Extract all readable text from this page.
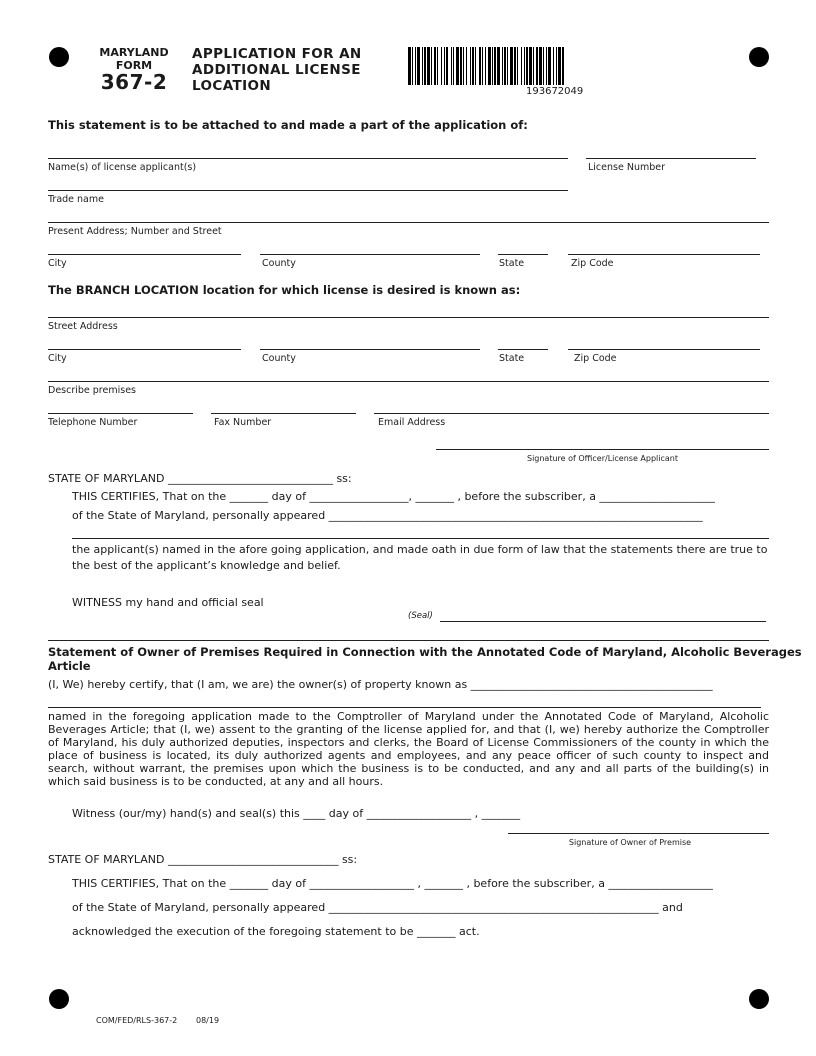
MARYLAND
FORM
367-2
APPLICATION FOR AN
ADDITIONAL LICENSE
LOCATION	193672049
This statement is to be attached to and made a part of the application of:
Name(s) of license applicant(s)	License Number
Trade name
Present Address; Number and Street
City	County	State	Zip Code
The BRANCH LOCATION location for which license is desired is known as:
Street Address
City	County	State	Zip Code
Describe premises
Telephone Number	Fax Number	Email Address
Signature of Officer/License Applicant
STATE OF MARYLAND ______________________________ ss:
THIS CERTIFIES, That on the _______ day of __________________, _______ , before the subscriber, a _____________________
of the State of Maryland, personally appeared ____________________________________________________________________
the applicant(s) named in the afore going application, and made oath in due form of law that the statements there are true to the best of the applicant’s knowledge and belief.
WITNESS my hand and official seal
(Seal)
Statement of Owner of Premises Required in Connection with the Annotated Code of Maryland, Alcoholic Beverages Article
(I, We) hereby certify, that (I am, we are) the owner(s) of property known as ____________________________________________
named in the foregoing application made to the Comptroller of Maryland under the Annotated Code of Maryland, Alcoholic Beverages Article; that (I, we) assent to the granting of the license applied for, and that (I, we) hereby authorize the Comptroller of Maryland, his duly authorized deputies, inspectors and clerks, the Board of License Commissioners of the county in which the place of business is located, its duly authorized agents and employees, and any peace officer of such county to inspect and search, without warrant, the premises upon which the business is to be conducted, and any and all parts of the building(s) in which said business is to be conducted, at any and all hours.
Witness (our/my) hand(s) and seal(s) this ____ day of ___________________ , _______
Signature of Owner of Premise
STATE OF MARYLAND _______________________________ ss:
THIS CERTIFIES, That on the _______ day of ___________________ , _______ , before the subscriber, a ___________________
of the State of Maryland, personally appeared ____________________________________________________________ and
acknowledged the execution of the foregoing statement to be _______ act.
COM/FED/RLS-367-2 08/19
